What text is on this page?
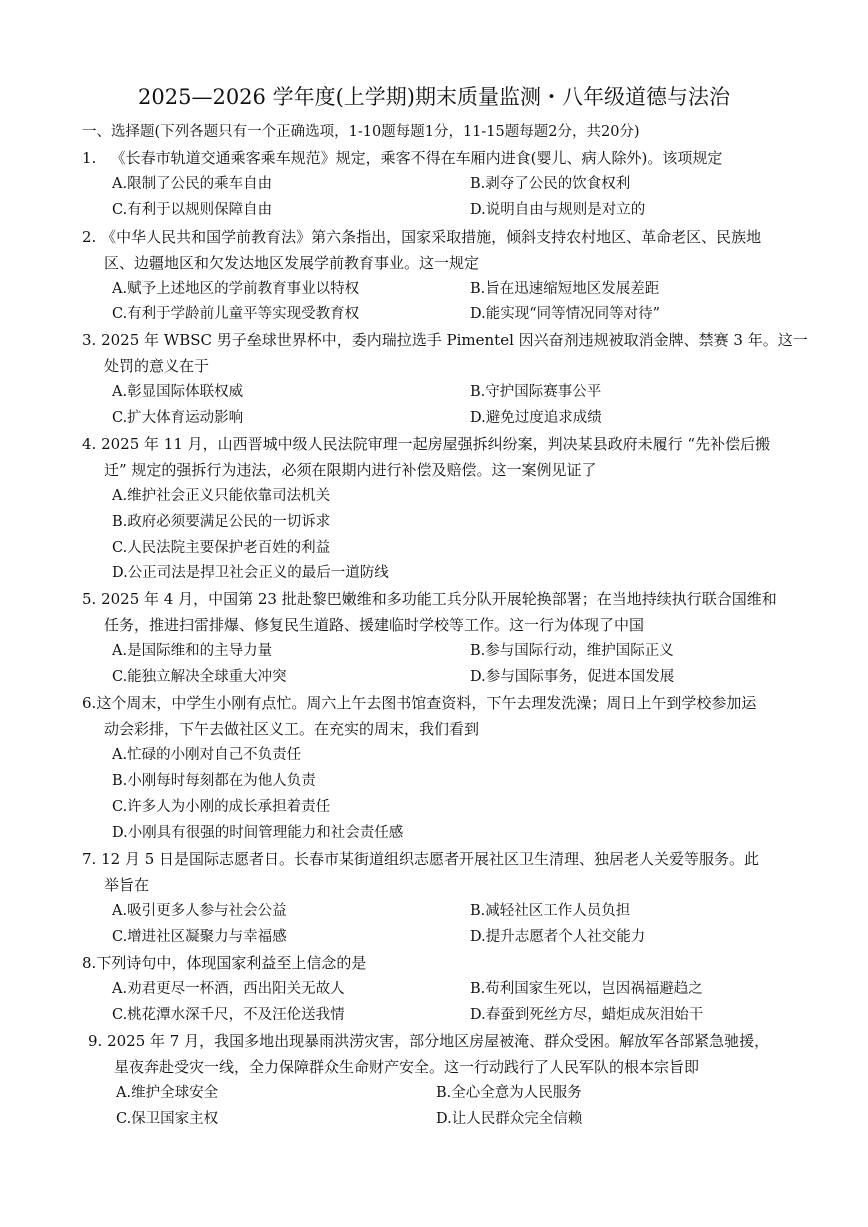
2025—2026 学年度(上学期)期末质量监测・八年级道德与法治
一、选择题(下列各题只有一个正确选项，1-10题每题1分，11-15题每题2分，共20分)
1. 《长春市轨道交通乘客乘车规范》规定，乘客不得在车厢内进食(婴儿、病人除外)。该项规定
A.限制了公民的乘车自由	B.剥夺了公民的饮食权利
C.有利于以规则保障自由	D.说明自由与规则是对立的
2. 《中华人民共和国学前教育法》第六条指出，国家采取措施，倾斜支持农村地区、革命老区、民族地
区、边疆地区和欠发达地区发展学前教育事业。这一规定
A.赋予上述地区的学前教育事业以特权	B.旨在迅速缩短地区发展差距
C.有利于学龄前儿童平等实现受教育权	D.能实现“同等情况同等对待”
3. 2025 年 WBSC 男子垒球世界杯中，委内瑞拉选手 Pimentel 因兴奋剂违规被取消金牌、禁赛 3 年。这一
处罚的意义在于
A.彰显国际体联权威	B.守护国际赛事公平
C.扩大体育运动影响	D.避免过度追求成绩
4. 2025 年 11 月，山西晋城中级人民法院审理一起房屋强拆纠纷案，判决某县政府未履行 “先补偿后搬
迁” 规定的强拆行为违法，必须在限期内进行补偿及赔偿。这一案例见证了
A.维护社会正义只能依靠司法机关
B.政府必须要满足公民的一切诉求
C.人民法院主要保护老百姓的利益
D.公正司法是捍卫社会正义的最后一道防线
5. 2025 年 4 月，中国第 23 批赴黎巴嫩维和多功能工兵分队开展轮换部署；在当地持续执行联合国维和
任务，推进扫雷排爆、修复民生道路、援建临时学校等工作。这一行为体现了中国
A.是国际维和的主导力量	B.参与国际行动，维护国际正义
C.能独立解决全球重大冲突	D.参与国际事务，促进本国发展
6.这个周末，中学生小刚有点忙。周六上午去图书馆查资料，下午去理发洗澡；周日上午到学校参加运
动会彩排，下午去做社区义工。在充实的周末，我们看到
A.忙碌的小刚对自己不负责任
B.小刚每时每刻都在为他人负责
C.许多人为小刚的成长承担着责任
D.小刚具有很强的时间管理能力和社会责任感
7. 12 月 5 日是国际志愿者日。长春市某街道组织志愿者开展社区卫生清理、独居老人关爱等服务。此
举旨在
A.吸引更多人参与社会公益	B.减轻社区工作人员负担
C.增进社区凝聚力与幸福感	D.提升志愿者个人社交能力
8.下列诗句中，体现国家利益至上信念的是
A.劝君更尽一杯酒，西出阳关无故人	B.苟利国家生死以，岂因祸福避趋之
C.桃花潭水深千尺，不及汪伦送我情	D.春蚕到死丝方尽，蜡炬成灰泪始干
9. 2025 年 7 月，我国多地出现暴雨洪涝灾害，部分地区房屋被淹、群众受困。解放军各部紧急驰援，
星夜奔赴受灾一线，全力保障群众生命财产安全。这一行动践行了人民军队的根本宗旨即
A.维护全球安全	B.全心全意为人民服务
C.保卫国家主权	D.让人民群众完全信赖
